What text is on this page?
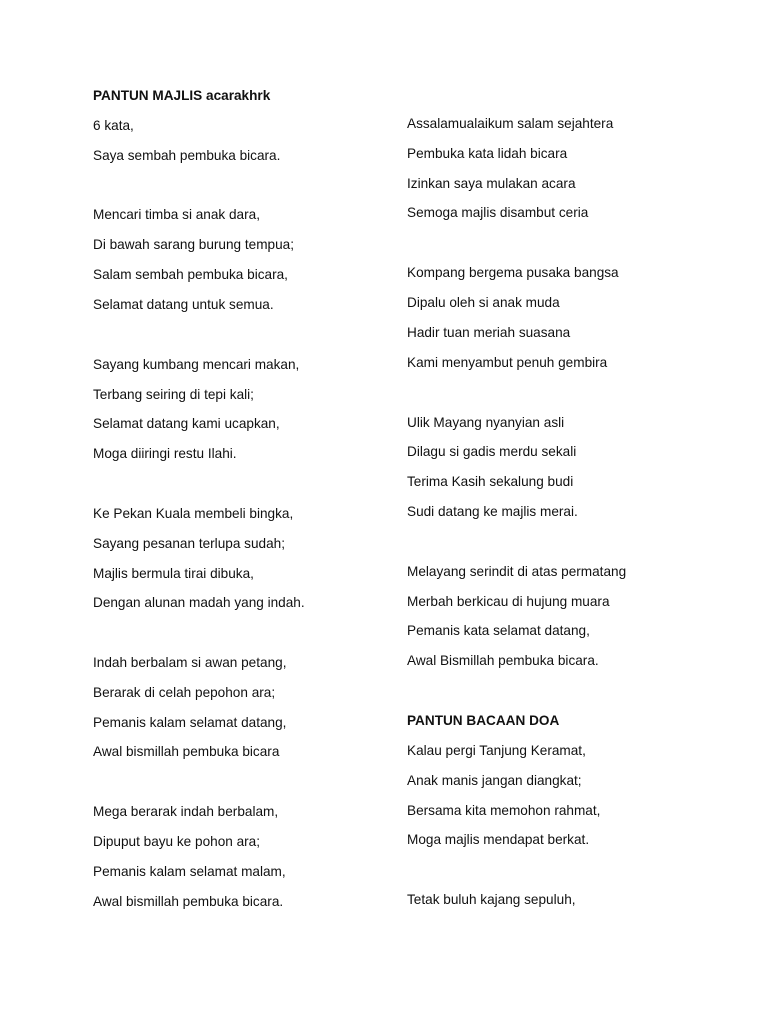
PANTUN MAJLIS acarakhrk
6 kata,
Saya sembah pembuka bicara.
Mencari timba si anak dara,
Di bawah sarang burung tempua;
Salam sembah pembuka bicara,
Selamat datang untuk semua.
Sayang kumbang mencari makan,
Terbang seiring di tepi kali;
Selamat datang kami ucapkan,
Moga diiringi restu Ilahi.
Ke Pekan Kuala membeli bingka,
Sayang pesanan terlupa sudah;
Majlis bermula tirai dibuka,
Dengan alunan madah yang indah.
Indah berbalam si awan petang,
Berarak di celah pepohon ara;
Pemanis kalam selamat datang,
Awal bismillah pembuka bicara
Mega berarak indah berbalam,
Dipuput bayu ke pohon ara;
Pemanis kalam selamat malam,
Awal bismillah pembuka bicara.
Assalamualaikum salam sejahtera
Pembuka kata lidah bicara
Izinkan saya mulakan acara
Semoga majlis disambut ceria
Kompang bergema pusaka bangsa
Dipalu oleh si anak muda
Hadir tuan meriah suasana
Kami menyambut penuh gembira
Ulik Mayang nyanyian asli
Dilagu si gadis merdu sekali
Terima Kasih sekalung budi
Sudi datang ke majlis merai.
Melayang serindit di atas permatang
Merbah berkicau di hujung muara
Pemanis kata selamat datang,
Awal Bismillah pembuka bicara.
PANTUN BACAAN DOA
Kalau pergi Tanjung Keramat,
Anak manis jangan diangkat;
Bersama kita memohon rahmat,
Moga majlis mendapat berkat.
Tetak buluh kajang sepuluh,
